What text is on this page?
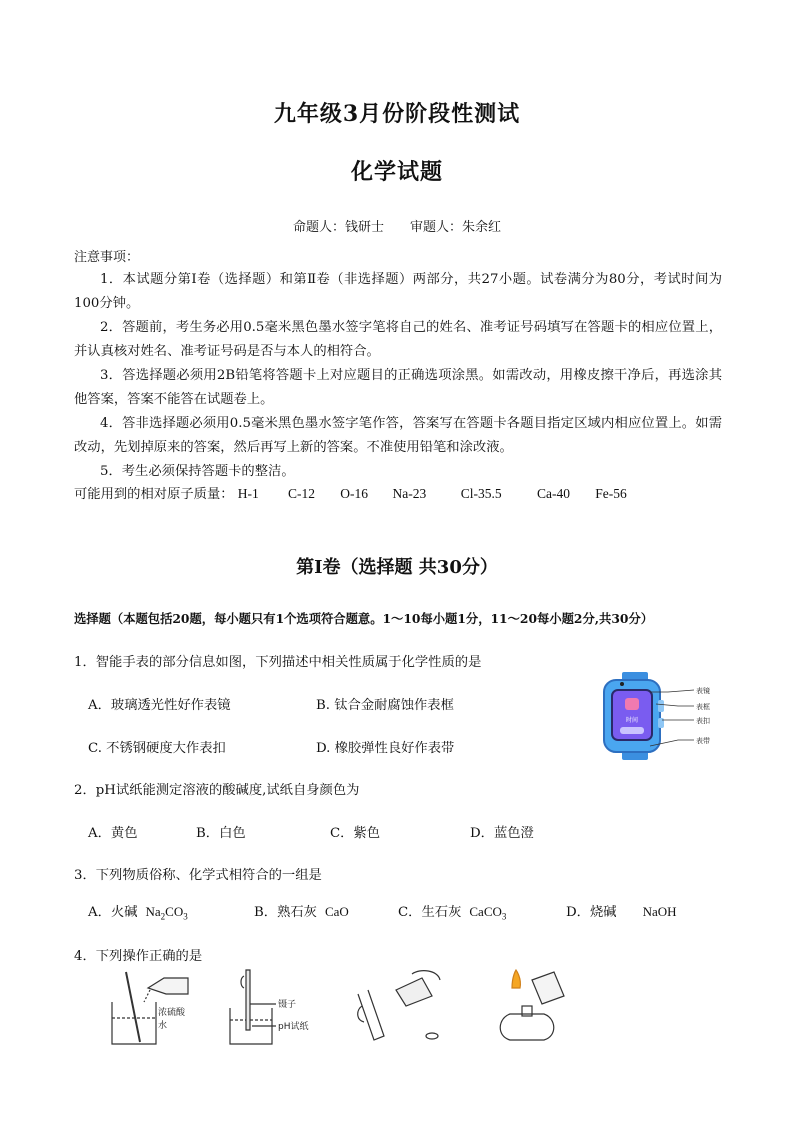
九年级3月份阶段性测试
化学试题
命题人：钱研士 审题人：朱余红
注意事项：
1．本试题分第Ⅰ卷（选择题）和第Ⅱ卷（非选择题）两部分，共27小题。试卷满分为80分，考试时间为100分钟。
2．答题前，考生务必用0.5毫米黑色墨水签字笔将自己的姓名、准考证号码填写在答题卡的相应位置上，并认真核对姓名、准考证号码是否与本人的相符合。
3．答选择题必须用2B铅笔将答题卡上对应题目的正确选项涂黑。如需改动，用橡皮擦干净后，再选涂其他答案，答案不能答在试题卷上。
4．答非选择题必须用0.5毫米黑色墨水签字笔作答，答案写在答题卡各题目指定区域内相应位置上。如需改动，先划掉原来的答案，然后再写上新的答案。不准使用铅笔和涂改液。
5．考生必须保持答题卡的整洁。
可能用到的相对原子质量： H-1 C-12 O-16 Na-23	Cl-35.5	Ca-40 Fe-56
第Ⅰ卷（选择题 共30分）
选择题（本题包括20题，每小题只有1个选项符合题意。1～10每小题1分，11～20每小题2分,共30分）
1．智能手表的部分信息如图，下列描述中相关性质属于化学性质的是
A．玻璃透光性好作表镜	B. 钛合金耐腐蚀作表框
C. 不锈钢硬度大作表扣	D. 橡胶弹性良好作表带
时间
表镜
表框
表扣
表带
2．pH试纸能测定溶液的酸碱度,试纸自身颜色为
A．黄色	B．白色	C．紫色	D．蓝色澄
3．下列物质俗称、化学式相符合的一组是
A．火碱 $Na_2CO_3$	B．熟石灰 CaO	C．生石灰 CaCO$_3$	D．烧碱 NaOH
4．下列操作正确的是
浓硫酸
水
镊子
pH试纸
